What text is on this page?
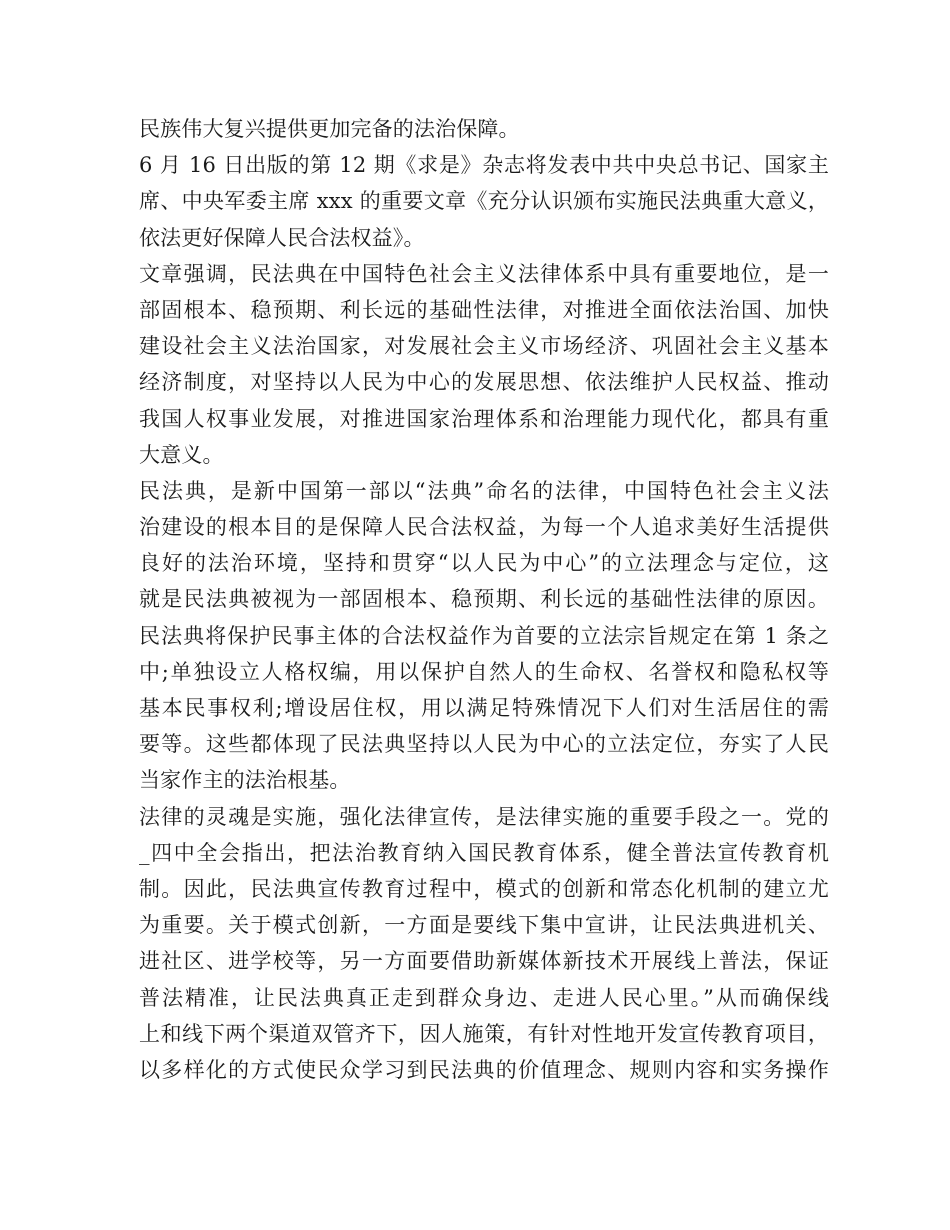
民族伟大复兴提供更加完备的法治保障。
6 月 16 日出版的第 12 期《求是》杂志将发表中共中央总书记、国家主
席、中央军委主席 xxx 的重要文章《充分认识颁布实施民法典重大意义，
依法更好保障人民合法权益》。
文章强调，民法典在中国特色社会主义法律体系中具有重要地位，是一
部固根本、稳预期、利长远的基础性法律，对推进全面依法治国、加快
建设社会主义法治国家，对发展社会主义市场经济、巩固社会主义基本
经济制度，对坚持以人民为中心的发展思想、依法维护人民权益、推动
我国人权事业发展，对推进国家治理体系和治理能力现代化，都具有重
大意义。
民法典，是新中国第一部以“法典”命名的法律，中国特色社会主义法
治建设的根本目的是保障人民合法权益，为每一个人追求美好生活提供
良好的法治环境，坚持和贯穿“以人民为中心”的立法理念与定位，这
就是民法典被视为一部固根本、稳预期、利长远的基础性法律的原因。
民法典将保护民事主体的合法权益作为首要的立法宗旨规定在第 1 条之
中;单独设立人格权编，用以保护自然人的生命权、名誉权和隐私权等
基本民事权利;增设居住权，用以满足特殊情况下人们对生活居住的需
要等。这些都体现了民法典坚持以人民为中心的立法定位，夯实了人民
当家作主的法治根基。
法律的灵魂是实施，强化法律宣传，是法律实施的重要手段之一。党的
_四中全会指出，把法治教育纳入国民教育体系，健全普法宣传教育机
制。因此，民法典宣传教育过程中，模式的创新和常态化机制的建立尤
为重要。关于模式创新，一方面是要线下集中宣讲，让民法典进机关、
进社区、进学校等，另一方面要借助新媒体新技术开展线上普法，保证
普法精准，让民法典真正走到群众身边、走进人民心里。”从而确保线
上和线下两个渠道双管齐下，因人施策，有针对性地开发宣传教育项目，
以多样化的方式使民众学习到民法典的价值理念、规则内容和实务操作
